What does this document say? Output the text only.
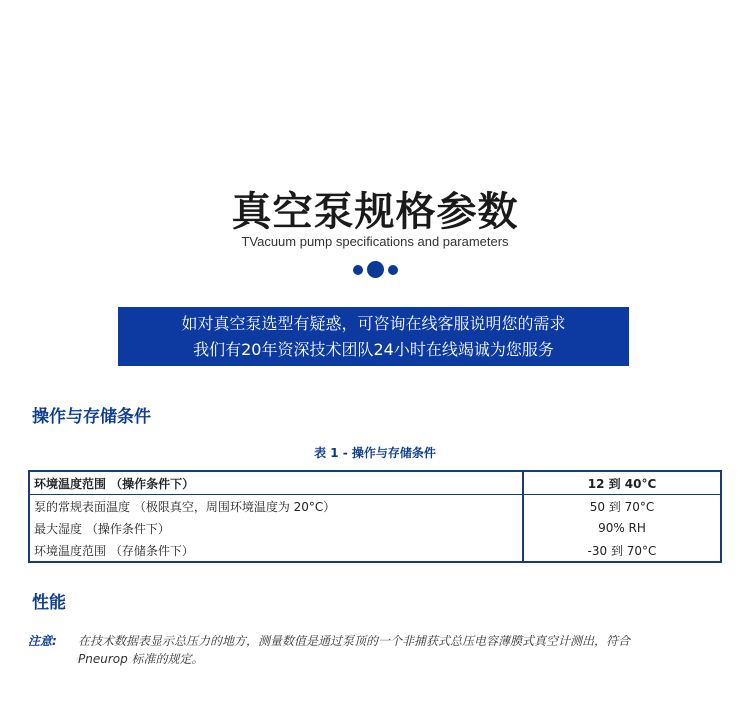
真空泵规格参数
TVacuum pump specifications and parameters
如对真空泵选型有疑惑，可咨询在线客服说明您的需求
我们有20年资深技术团队24小时在线竭诚为您服务
操作与存储条件
表 1 - 操作与存储条件
环境温度范围 （操作条件下）	12 到 40°C
泵的常规表面温度 （极限真空，周围环境温度为 20°C）	50 到 70°C
最大湿度 （操作条件下）	90% RH
环境温度范围 （存储条件下）	-30 到 70°C
性能
注意: 在技术数据表显示总压力的地方，测量数值是通过泵顶的一个非捕获式总压电容薄膜式真空计测出，符合
Pneurop 标准的规定。
